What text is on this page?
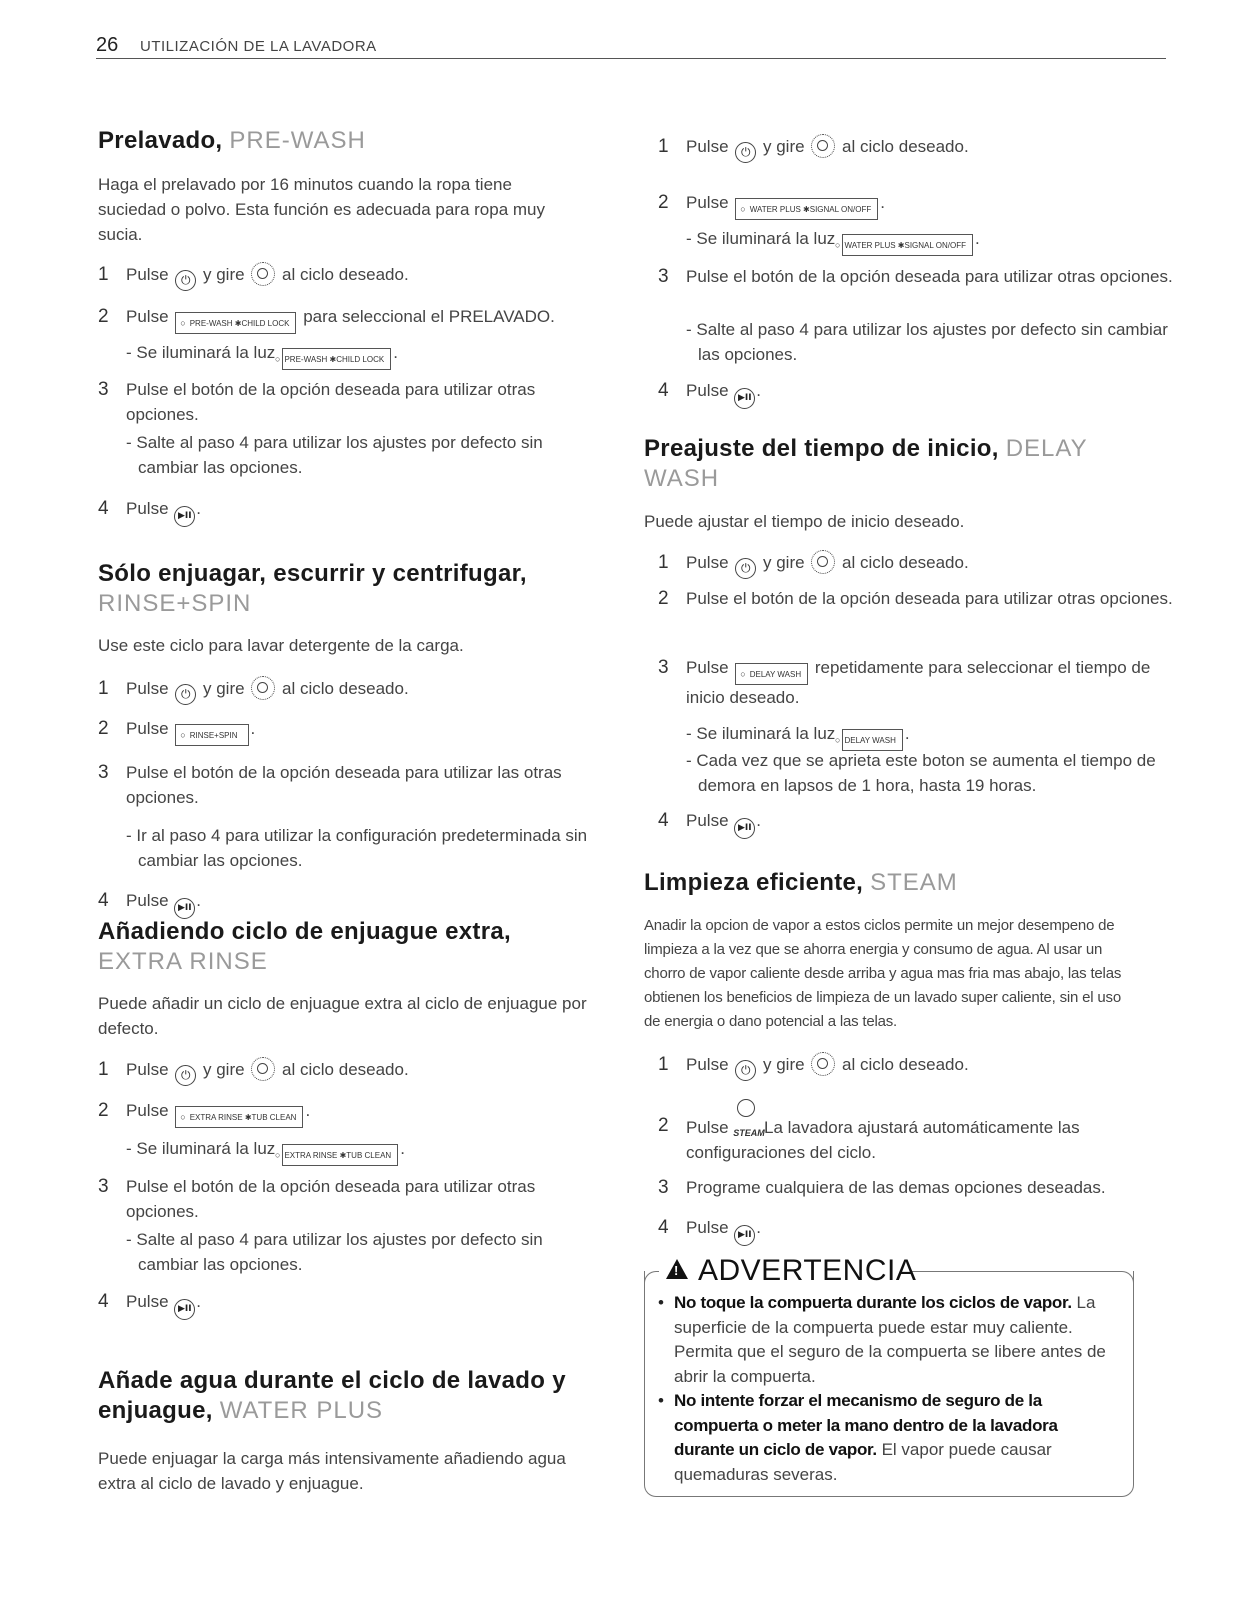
26 UTILIZACIÓN DE LA LAVADORA
Prelavado, PRE-WASH

Haga el prelavado por 16 minutos cuando la ropa tiene suciedad o polvo. Esta función es adecuada para ropa muy sucia.

1 Pulse ⏻ y gire al ciclo deseado.
2 Pulse ○ PRE-WASH ✱CHILD LOCK para seleccional el PRELAVADO.
- Se iluminará la luz ○ PRE-WASH ✱CHILD LOCK .
3 Pulse el botón de la opción deseada para utilizar otras opciones.
- Salte al paso 4 para utilizar los ajustes por defecto sin cambiar las opciones.
4 Pulse ▶II .
Sólo enjuagar, escurrir y centrifugar,
RINSE+SPIN

Use este ciclo para lavar detergente de la carga.

1 Pulse ⏻ y gire al ciclo deseado.
2 Pulse ○ RINSE+SPIN .
3 Pulse el botón de la opción deseada para utilizar las otras opciones.
- Ir al paso 4 para utilizar la configuración predeterminada sin cambiar las opciones.
4 Pulse ▶II .
Añadiendo ciclo de enjuague extra, EXTRA RINSE

Puede añadir un ciclo de enjuague extra al ciclo de enjuague por defecto.

1 Pulse ⏻ y gire al ciclo deseado.
2 Pulse ○ EXTRA RINSE ✱TUB CLEAN .
- Se iluminará la luz ○ EXTRA RINSE ✱TUB CLEAN .
3 Pulse el botón de la opción deseada para utilizar otras opciones.
- Salte al paso 4 para utilizar los ajustes por defecto sin cambiar las opciones.
4 Pulse ▶II .
Añade agua durante el ciclo de lavado y enjuague, WATER PLUS

Puede enjuagar la carga más intensivamente añadiendo agua extra al ciclo de lavado y enjuague.

1 Pulse ⏻ y gire al ciclo deseado.
2 Pulse ○ WATER PLUS ✱SIGNAL ON/OFF .
- Se iluminará la luz ○ WATER PLUS ✱SIGNAL ON/OFF .
3 Pulse el botón de la opción deseada para utilizar otras opciones.
- Salte al paso 4 para utilizar los ajustes por defecto sin cambiar las opciones.
4 Pulse ▶II .
Preajuste del tiempo de inicio, DELAY WASH

Puede ajustar el tiempo de inicio deseado.

1 Pulse ⏻ y gire al ciclo deseado.
2 Pulse el botón de la opción deseada para utilizar otras opciones.
3 Pulse ○ DELAY WASH repetidamente para seleccionar el tiempo de inicio deseado.
- Se iluminará la luz ○ DELAY WASH .
- Cada vez que se aprieta este boton se aumenta el tiempo de demora en lapsos de 1 hora, hasta 19 horas.
4 Pulse ▶II .
Limpieza eficiente, STEAM

Anadir la opcion de vapor a estos ciclos permite un mejor desempeno de limpieza a la vez que se ahorra energia y consumo de agua. Al usar un chorro de vapor caliente desde arriba y agua mas fria mas abajo, las telas obtienen los beneficios de limpieza de un lavado super caliente, sin el uso de energia o dano potencial a las telas.

1 Pulse ⏻ y gire al ciclo deseado.
2 Pulse STEAM La lavadora ajustará automáticamente las configuraciones del ciclo.
3 Programe cualquiera de las demas opciones deseadas.
4 Pulse ▶II .
! ADVERTENCIA
• No toque la compuerta durante los ciclos de vapor. La superficie de la compuerta puede estar muy caliente. Permita que el seguro de la compuerta se libere antes de abrir la compuerta.
• No intente forzar el mecanismo de seguro de la compuerta o meter la mano dentro de la lavadora durante un ciclo de vapor. El vapor puede causar quemaduras severas.
